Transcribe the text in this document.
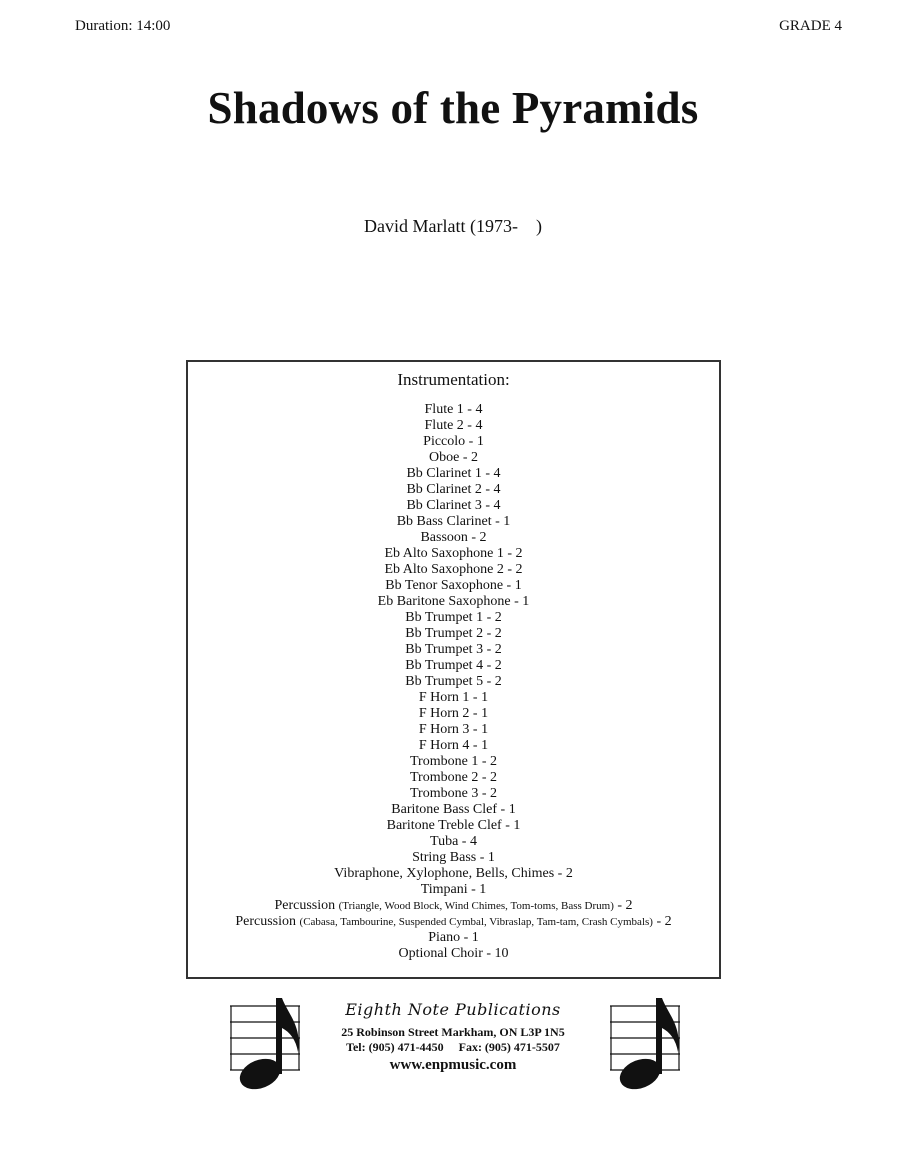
Duration: 14:00	GRADE 4
Shadows of the Pyramids
David Marlatt (1973-    )
Instrumentation:
Flute 1 - 4
Flute 2 - 4
Piccolo - 1
Oboe - 2
Bb Clarinet 1 - 4
Bb Clarinet 2 - 4
Bb Clarinet 3 - 4
Bb Bass Clarinet - 1
Bassoon - 2
Eb Alto Saxophone 1 - 2
Eb Alto Saxophone 2 - 2
Bb Tenor Saxophone - 1
Eb Baritone Saxophone - 1
Bb Trumpet 1 - 2
Bb Trumpet 2 - 2
Bb Trumpet 3 - 2
Bb Trumpet 4 - 2
Bb Trumpet 5 - 2
F Horn 1 - 1
F Horn 2 - 1
F Horn 3 - 1
F Horn 4 - 1
Trombone 1 - 2
Trombone 2 - 2
Trombone 3 - 2
Baritone Bass Clef - 1
Baritone Treble Clef - 1
Tuba - 4
String Bass - 1
Vibraphone, Xylophone, Bells, Chimes - 2
Timpani - 1
Percussion (Triangle, Wood Block, Wind Chimes, Tom-toms, Bass Drum) - 2
Percussion (Cabasa, Tambourine, Suspended Cymbal, Vibraslap, Tam-tam, Crash Cymbals) - 2
Piano - 1
Optional Choir - 10
Eighth Note Publications
25 Robinson Street Markham, ON L3P 1N5
Tel: (905) 471-4450     Fax: (905) 471-5507
www.enpmusic.com
